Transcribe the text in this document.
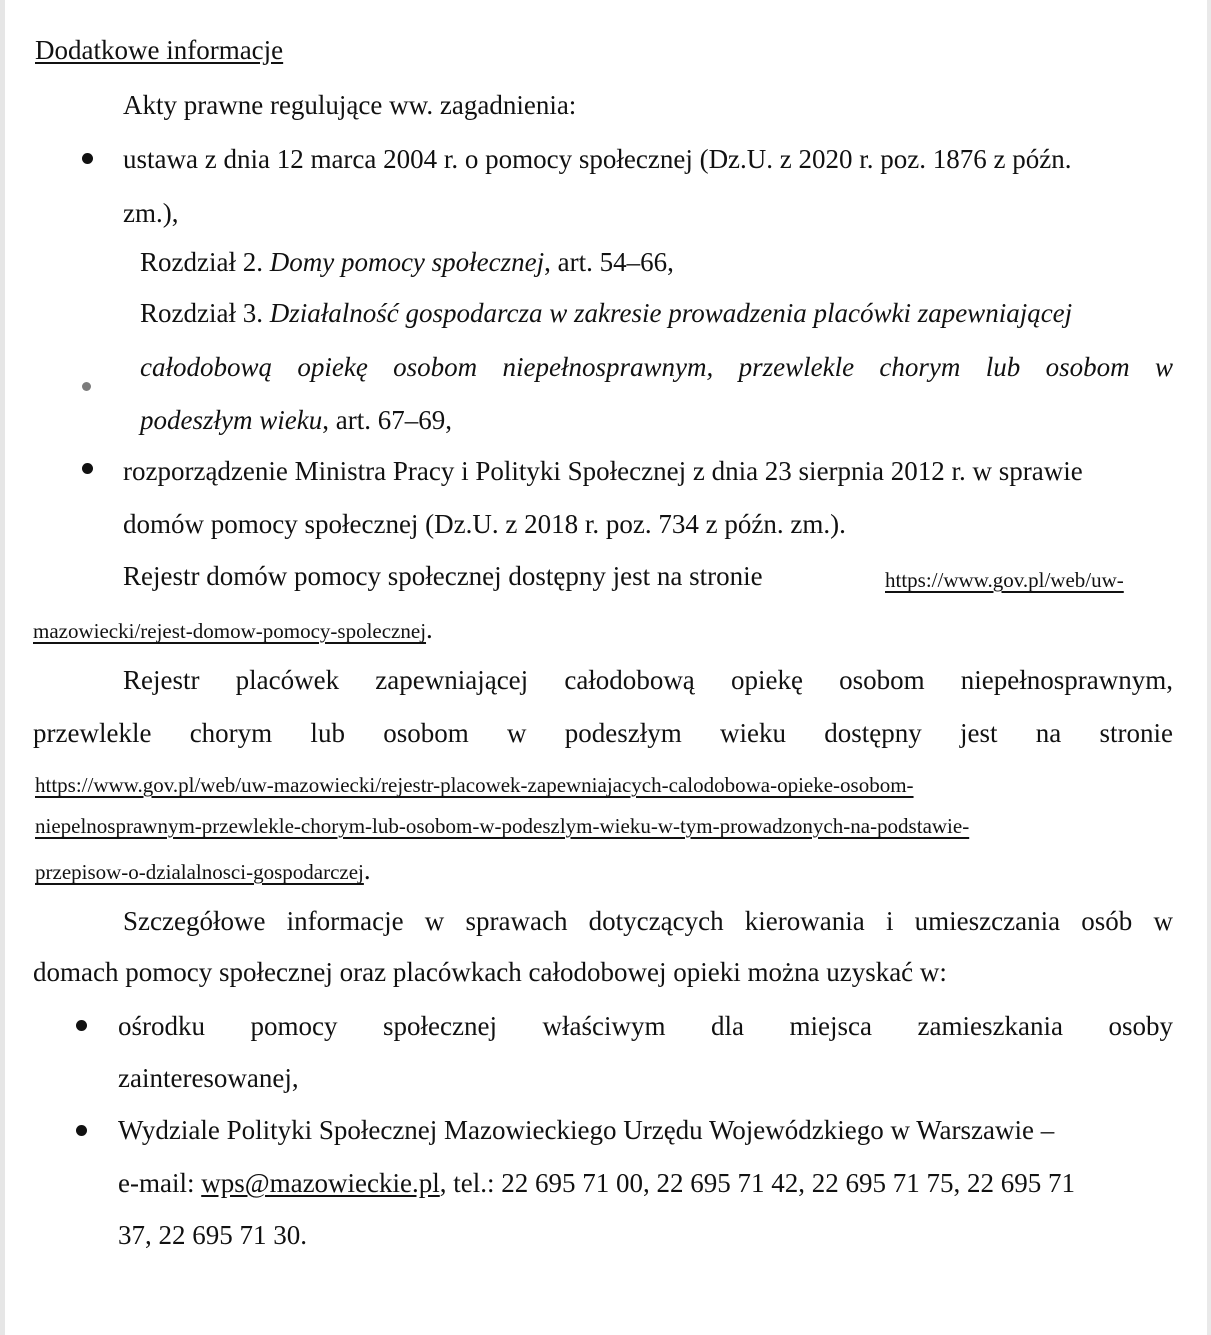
Dodatkowe informacje
Akty prawne regulujące ww. zagadnienia:
ustawa z dnia 12 marca 2004 r. o pomocy społecznej (Dz.U. z 2020 r. poz. 1876 z późn.
zm.),
Rozdział 2. Domy pomocy społecznej, art. 54–66,
Rozdział 3. Działalność gospodarcza w zakresie prowadzenia placówki zapewniającej
całodobową opiekę osobom niepełnosprawnym, przewlekle chorym lub osobom w
podeszłym wieku, art. 67–69,
rozporządzenie Ministra Pracy i Polityki Społecznej z dnia 23 sierpnia 2012 r. w sprawie
domów pomocy społecznej (Dz.U. z 2018 r. poz. 734 z późn. zm.).
Rejestr domów pomocy społecznej dostępny jest na stronie	https://www.gov.pl/web/uw-
mazowiecki/rejest-domow-pomocy-spolecznej.
Rejestr placówek zapewniającej całodobową opiekę osobom niepełnosprawnym,
przewlekle chorym lub osobom w podeszłym wieku dostępny jest na stronie
https://www.gov.pl/web/uw-mazowiecki/rejestr-placowek-zapewniajacych-calodobowa-opieke-osobom-
niepelnosprawnym-przewlekle-chorym-lub-osobom-w-podeszlym-wieku-w-tym-prowadzonych-na-podstawie-
przepisow-o-dzialalnosci-gospodarczej.
Szczegółowe informacje w sprawach dotyczących kierowania i umieszczania osób w
domach pomocy społecznej oraz placówkach całodobowej opieki można uzyskać w:
ośrodku pomocy społecznej właściwym dla miejsca zamieszkania osoby
zainteresowanej,
Wydziale Polityki Społecznej Mazowieckiego Urzędu Wojewódzkiego w Warszawie –
e-mail: wps@mazowieckie.pl, tel.: 22 695 71 00, 22 695 71 42, 22 695 71 75, 22 695 71
37, 22 695 71 30.
